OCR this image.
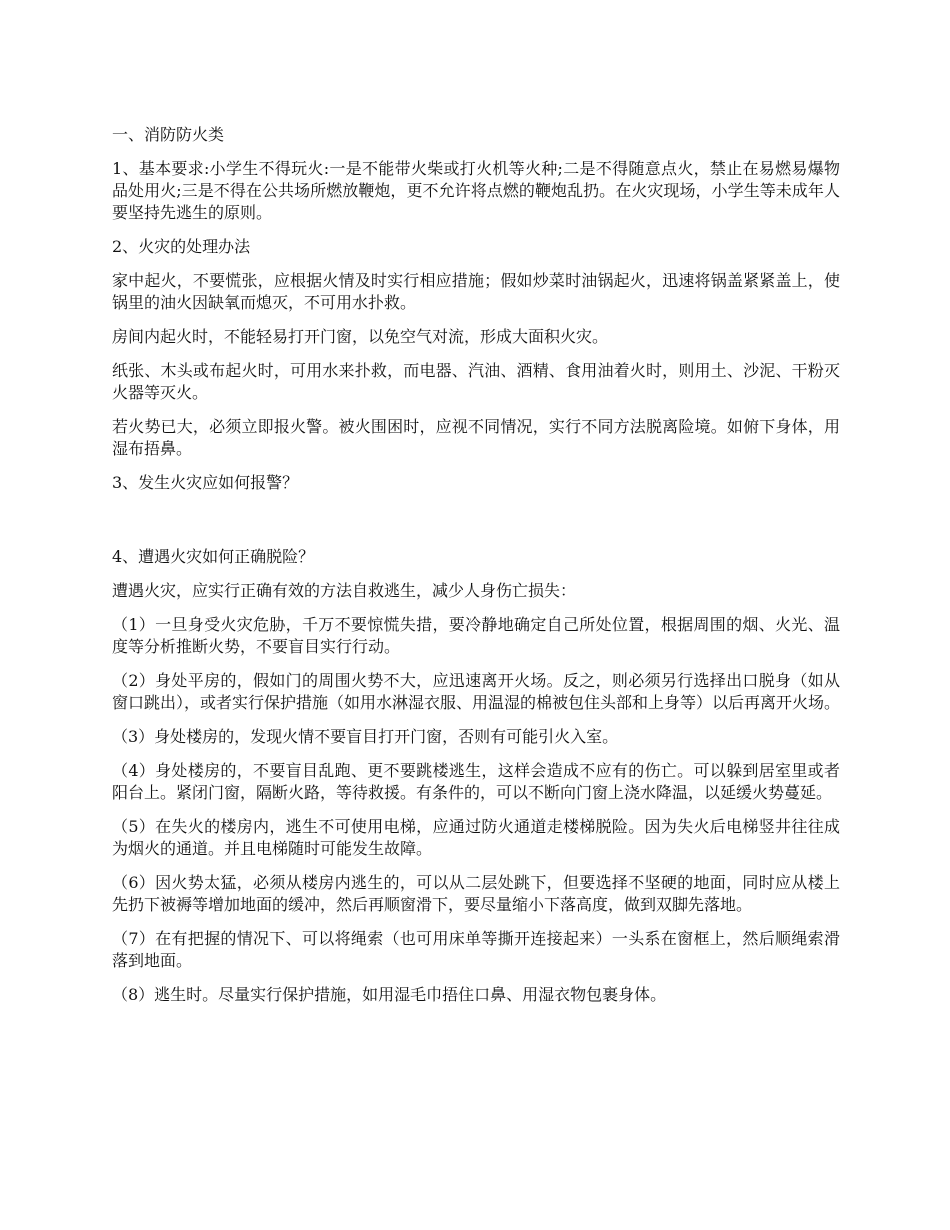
一、消防防火类

1、基本要求:小学生不得玩火:一是不能带火柴或打火机等火种;二是不得随意点火，禁止在易燃易爆物品处用火;三是不得在公共场所燃放鞭炮，更不允许将点燃的鞭炮乱扔。在火灾现场，小学生等未成年人要坚持先逃生的原则。

2、火灾的处理办法

家中起火，不要慌张，应根据火情及时实行相应措施；假如炒菜时油锅起火，迅速将锅盖紧紧盖上，使锅里的油火因缺氧而熄灭，不可用水扑救。

房间内起火时，不能轻易打开门窗，以免空气对流，形成大面积火灾。

纸张、木头或布起火时，可用水来扑救，而电器、汽油、酒精、食用油着火时，则用土、沙泥、干粉灭火器等灭火。

若火势已大，必须立即报火警。被火围困时，应视不同情况，实行不同方法脱离险境。如俯下身体，用湿布捂鼻。

3、发生火灾应如何报警？

4、遭遇火灾如何正确脱险？

遭遇火灾，应实行正确有效的方法自救逃生，减少人身伤亡损失：

（1）一旦身受火灾危胁，千万不要惊慌失措，要冷静地确定自己所处位置，根据周围的烟、火光、温度等分析推断火势，不要盲目实行行动。

（2）身处平房的，假如门的周围火势不大，应迅速离开火场。反之，则必须另行选择出口脱身（如从窗口跳出），或者实行保护措施（如用水淋湿衣服、用温湿的棉被包住头部和上身等）以后再离开火场。

（3）身处楼房的，发现火情不要盲目打开门窗，否则有可能引火入室。

（4）身处楼房的，不要盲目乱跑、更不要跳楼逃生，这样会造成不应有的伤亡。可以躲到居室里或者阳台上。紧闭门窗，隔断火路，等待救援。有条件的，可以不断向门窗上浇水降温，以延缓火势蔓延。

（5）在失火的楼房内，逃生不可使用电梯，应通过防火通道走楼梯脱险。因为失火后电梯竖井往往成为烟火的通道。并且电梯随时可能发生故障。

（6）因火势太猛，必须从楼房内逃生的，可以从二层处跳下，但要选择不坚硬的地面，同时应从楼上先扔下被褥等增加地面的缓冲，然后再顺窗滑下，要尽量缩小下落高度，做到双脚先落地。

（7）在有把握的情况下、可以将绳索（也可用床单等撕开连接起来）一头系在窗框上，然后顺绳索滑落到地面。

（8）逃生时。尽量实行保护措施，如用湿毛巾捂住口鼻、用湿衣物包裹身体。
